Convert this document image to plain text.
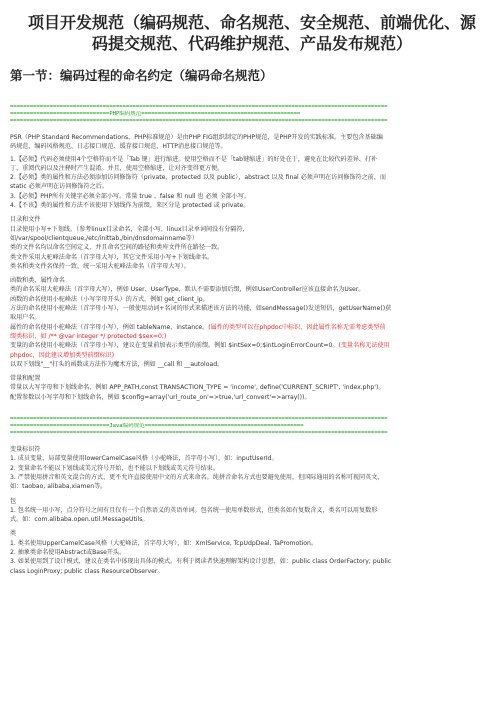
项目开发规范（编码规范、命名规范、安全规范、前端优化、源
码提交规范、代码维护规范、产品发布规范）
第一节：编码过程的命名约定（编码命名规范）
==================================================================================================================
==============================PHP编码规范================================================
==================================================================================================================
PSR（PHP Standard Recommendations，PHP标准规范）是由PHP FIG组织制定的PHP规范，是PHP开发的实践标准。主要包含基础编
码规范、编码风格规范、日志接口规范、缓存接口规范、HTTP消息接口规范等。
1.【必须】代码必须使用4个空格符而不是「Tab 键」进行缩进。使用空格而不是「tab键缩进」的好处在于，避免在比较代码差异、打补
丁、重阅代码以及注释时产生混淆。并且，使用空格缩进，让对齐变得更方便。
2.【必须】类的属性和方法必须添加访问修饰符（private、protected 以及 public），abstract 以及 final 必须声明在访问修饰符之前，而
static 必须声明在访问修饰符之后。
3.【必须】PHP所有关键字必须全部小写。常量 true 、false 和 null 也 必须 全部小写。
4.【不该】类的属性和方法不该使用下划线作为前缀，来区分是 protected 或 private。
目录和文件
目录使用小写+下划线。（参考linux目录命名，全部小写，linux目录单词间没有分隔符,
如/var/spool/clientqueue,/etc/inittab,/bin/dnsdomainname等）
类的文件名均以命名空间定义，并且命名空间的路径和类库文件所在路径一致。
类文件采用大驼峰法命名（首字母大写），其它文件采用小写+下划线命名。
类名和类文件名保持一致，统一采用大驼峰法命名（首字母大写）。
函数和类、属性命名
类的命名采用大驼峰法（首字母大写），例如 User、UserType，默认不需要添加后缀，例如UserController应该直接命名为User。
函数的命名使用小驼峰法（小写字母开头）的方式，例如 get_client_ip。
方法的命名使用小驼峰法（首字母小写），一般使用动词+名词的形式来描述该方法的功能，如sendMessage()发送短信，getUserName()获
取用户名。
属性的命名使用小驼峰法（首字母小写），例如 tableName、instance。(属性的类型可以在phpdoc中标识，因此属性名称无需考虑类型前
缀类标识，如 /** @var integer */ protected $sex=0;)
变量的命名使用小驼峰法（首字母小写），建议在变量前加表示类型的前缀。例如 $intSex=0;$intLoginErrorCount=0。(变量名称无法使用
phpdoc，因此建议增加类型前缀标识)
以双下划线"__"打头的函数或方法作为魔术方法，例如 __call 和 __autoload。
常量和配置
常量以大写字母和下划线命名，例如 APP_PATH,const TRANSACTION_TYPE = 'income', define('CURRENT_SCRIPT', 'index.php')。
配置参数以小写字母和下划线命名，例如 $config=array('url_route_on'=>true,'url_convert'=>array())。
==================================================================================================================
==============================Java编码规范================================================
==================================================================================================================
变量标识符
1. 成员变量、局部变量使用lowerCamelCase风格（小驼峰法，首字母小写），如：inputUserId。
2. 变量命名不能以下划线或美元符号开始，也不能以下划线或美元符号结束。
3. 严禁使用拼音和英文混合的方式，更不允许直接使用中文的方式来命名。纯拼音命名方式也要避免使用，但国际通用的名称可视同英文，
如：taobao, alibaba,xiamen等。
包
1. 包名统一用小写，点分符号之间有且仅有一个自然语义的英语单词。包名统一使用单数形式，但类名如有复数含义，类名可以用复数形
式。如：com.alibaba.open.util.MessageUtils。
类
1. 类名使用UpperCamelCase风格（大驼峰法，首字母大写），如：XmlService, TcpUdpDeal, TaPromotion。
2. 抽象类命名使用Abstract或Base开头。
3. 如果使用到了设计模式，建议在类名中体现出具体的模式。有利于阅读者快速理解架构设计思想，如：public class OrderFactory; public
class LoginProxy; public class ResourceObserver。
